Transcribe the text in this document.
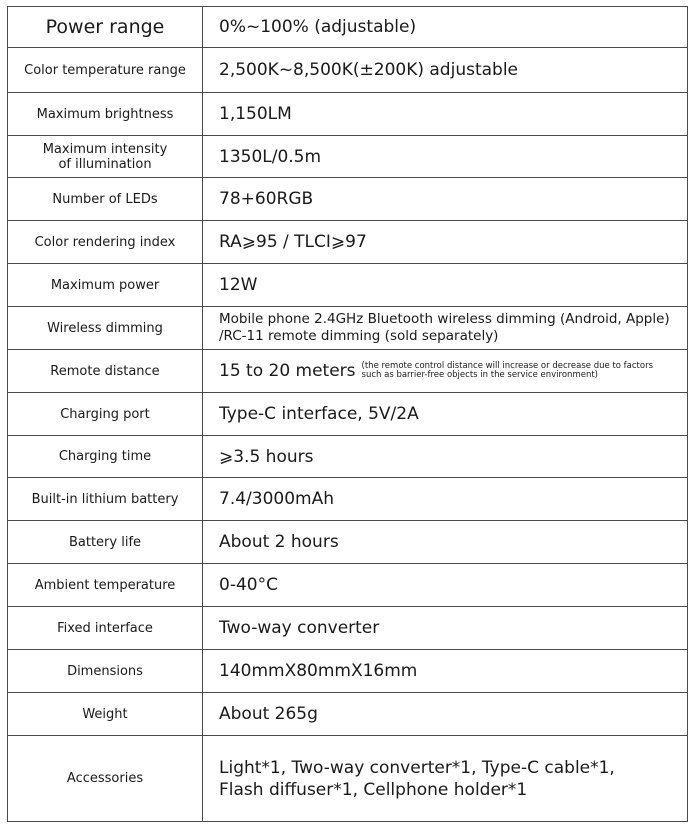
Power range	0%~100% (adjustable)
Color temperature range	2,500K~8,500K(±200K) adjustable
Maximum brightness	1,150LM

Maximum intensity
of illumination	1350L/0.5m
Number of LEDs	78+60RGB
Color rendering index	RA⩾95 / TLCI⩾97
Maximum power	12W
Wireless dimming	Mobile phone 2.4GHz Bluetooth wireless dimming (Android, Apple)
/RC-11 remote dimming (sold separately)

Remote distance	15 to 20 meters (the remote control distance will increase or decrease due to factors
such as barrier-free objects in the service environment)

Charging port	Type-C interface, 5V/2A
Charging time	⩾3.5 hours
Built-in lithium battery	7.4/3000mAh
Battery life	About 2 hours
Ambient temperature	0-40°C
Fixed interface	Two-way converter
Dimensions	140mmX80mmX16mm
Weight	About 265g
Accessories	Light*1, Two-way converter*1, Type-C cable*1,
Flash diffuser*1, Cellphone holder*1
